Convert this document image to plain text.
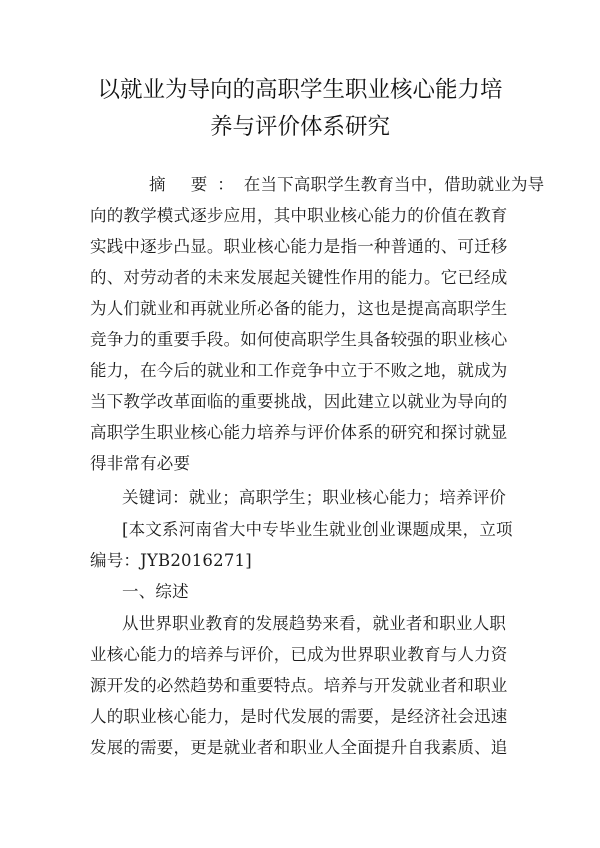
以就业为导向的高职学生职业核心能力培
养与评价体系研究
摘 要：在当下高职学生教育当中，借助就业为导
向的教学模式逐步应用，其中职业核心能力的价值在教育
实践中逐步凸显。职业核心能力是指一种普通的、可迁移
的、对劳动者的未来发展起关键性作用的能力。它已经成
为人们就业和再就业所必备的能力，这也是提高高职学生
竞争力的重要手段。如何使高职学生具备较强的职业核心
能力，在今后的就业和工作竞争中立于不败之地，就成为
当下教学改革面临的重要挑战，因此建立以就业为导向的
高职学生职业核心能力培养与评价体系的研究和探讨就显
得非常有必要
关键词：就业；高职学生；职业核心能力；培养评价
[本文系河南省大中专毕业生就业创业课题成果，立项
编号：JYB2016271]
一、综述
从世界职业教育的发展趋势来看，就业者和职业人职
业核心能力的培养与评价，已成为世界职业教育与人力资
源开发的必然趋势和重要特点。培养与开发就业者和职业
人的职业核心能力，是时代发展的需要，是经济社会迅速
发展的需要，更是就业者和职业人全面提升自我素质、追
